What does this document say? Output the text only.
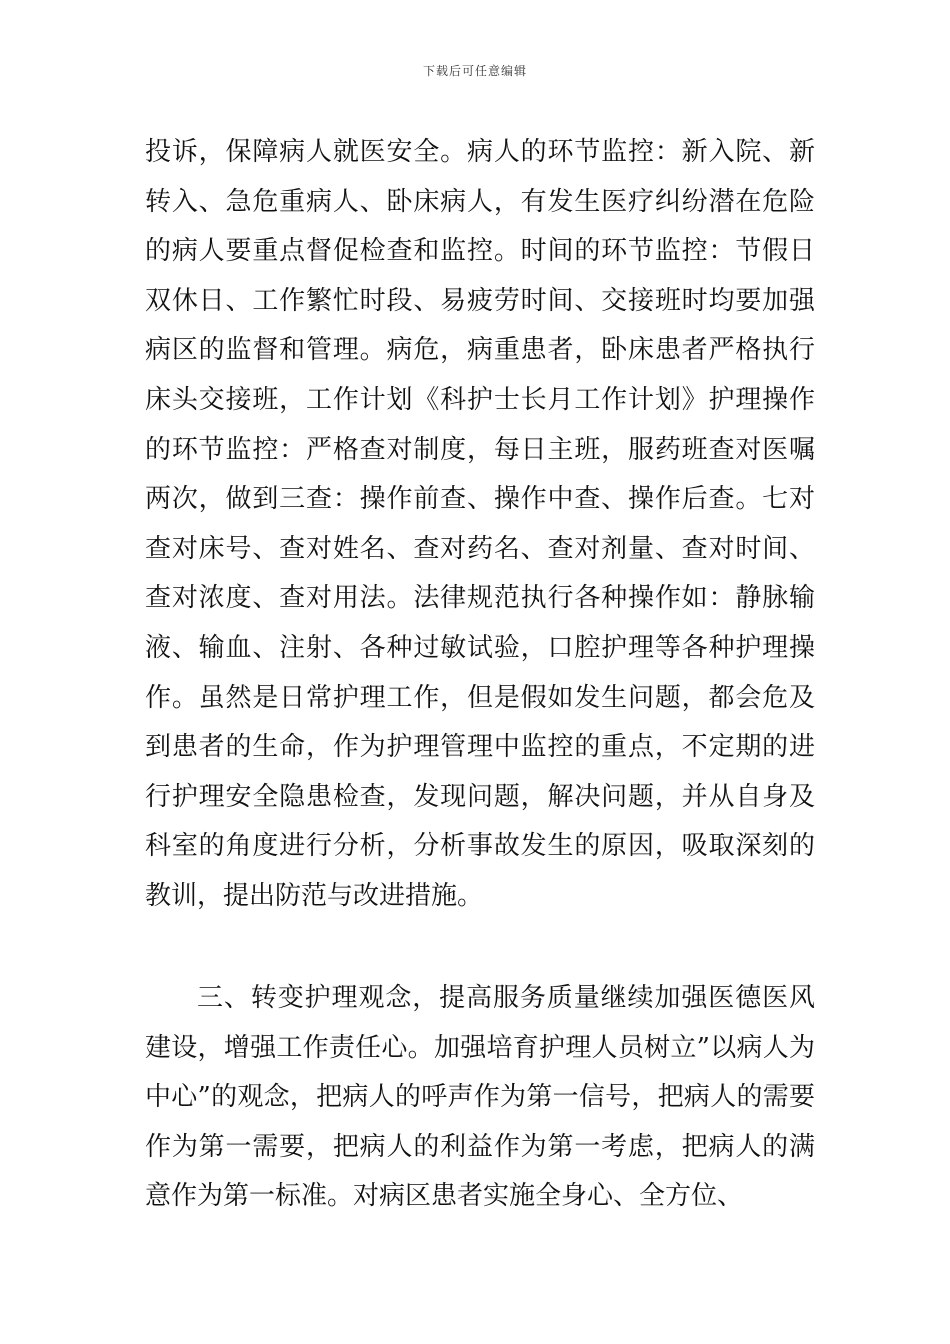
下载后可任意编辑

投诉，保障病人就医安全。病人的环节监控：新入院、新转入、急危重病人、卧床病人，有发生医疗纠纷潜在危险的病人要重点督促检查和监控。时间的环节监控：节假日双休日、工作繁忙时段、易疲劳时间、交接班时均要加强病区的监督和管理。病危，病重患者，卧床患者严格执行床头交接班，工作计划《科护士长月工作计划》护理操作的环节监控：严格查对制度，每日主班，服药班查对医嘱两次，做到三查：操作前查、操作中查、操作后查。七对查对床号、查对姓名、查对药名、查对剂量、查对时间、查对浓度、查对用法。法律规范执行各种操作如：静脉输液、输血、注射、各种过敏试验，口腔护理等各种护理操作。虽然是日常护理工作，但是假如发生问题，都会危及到患者的生命，作为护理管理中监控的重点，不定期的进行护理安全隐患检查，发现问题，解决问题，并从自身及科室的角度进行分析，分析事故发生的原因，吸取深刻的教训，提出防范与改进措施。

三、转变护理观念，提高服务质量继续加强医德医风建设，增强工作责任心。加强培育护理人员树立”以病人为中心”的观念，把病人的呼声作为第一信号，把病人的需要作为第一需要，把病人的利益作为第一考虑，把病人的满意作为第一标准。对病区患者实施全身心、全方位、
